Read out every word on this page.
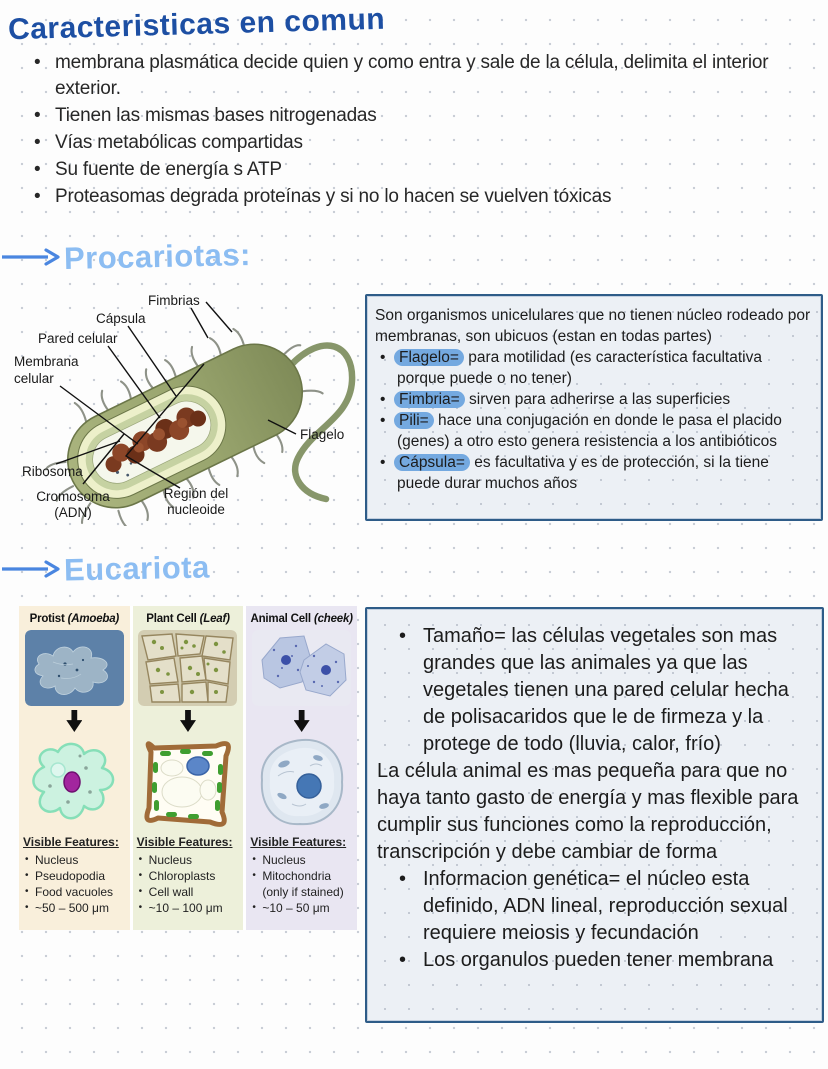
Caracteristicas en comun
• membrana plasmática decide quien y como entra y sale de la célula, delimita el interior exterior.
• Tienen las mismas bases nitrogenadas
• Vías metabólicas compartidas
• Su fuente de energía s ATP
• Proteasomas degrada proteínas y si no lo hacen se vuelven tóxicas
Procariotas:
Fimbrias
Cápsula
Pared celular
Membrana
celular
Ribosoma
Cromosoma
(ADN)
Región del
nucleoide
Flagelo

Son organismos unicelulares que no tienen núcleo rodeado por membranas, son ubicuos (estan en todas partes)

• Flagelo= para motilidad (es característica facultativa porque puede o no tener)
• Fimbria= sirven para adherirse a las superficies
• Pili= hace una conjugación en donde le pasa el placido (genes) a otro esto genera resistencia a los antibióticos
• Cápsula= es facultativa y es de protección, si la tiene puede durar muchos años
Eucariota
Protist (Amoeba)
Visible Features:
• Nucleus
• Pseudopodia
• Food vacuoles
• ~50 – 500 μm
Plant Cell (Leaf)
Visible Features:
• Nucleus
• Chloroplasts
• Cell wall
• ~10 – 100 μm
Animal Cell (cheek)
Visible Features:
• Nucleus
• Mitochondria
(only if stained)
• ~10 – 50 μm

• Tamaño= las células vegetales son mas grandes que las animales ya que las vegetales tienen una pared celular hecha de polisacaridos que le de firmeza y la protege de todo (lluvia, calor, frío)

La célula animal es mas pequeña para que no haya tanto gasto de energía y mas flexible para cumplir sus funciones como la reproducción, transcripción y debe cambiar de forma

• Informacion genética= el núcleo esta definido, ADN lineal, reproducción sexual requiere meiosis y fecundación

• Los organulos pueden tener membrana
